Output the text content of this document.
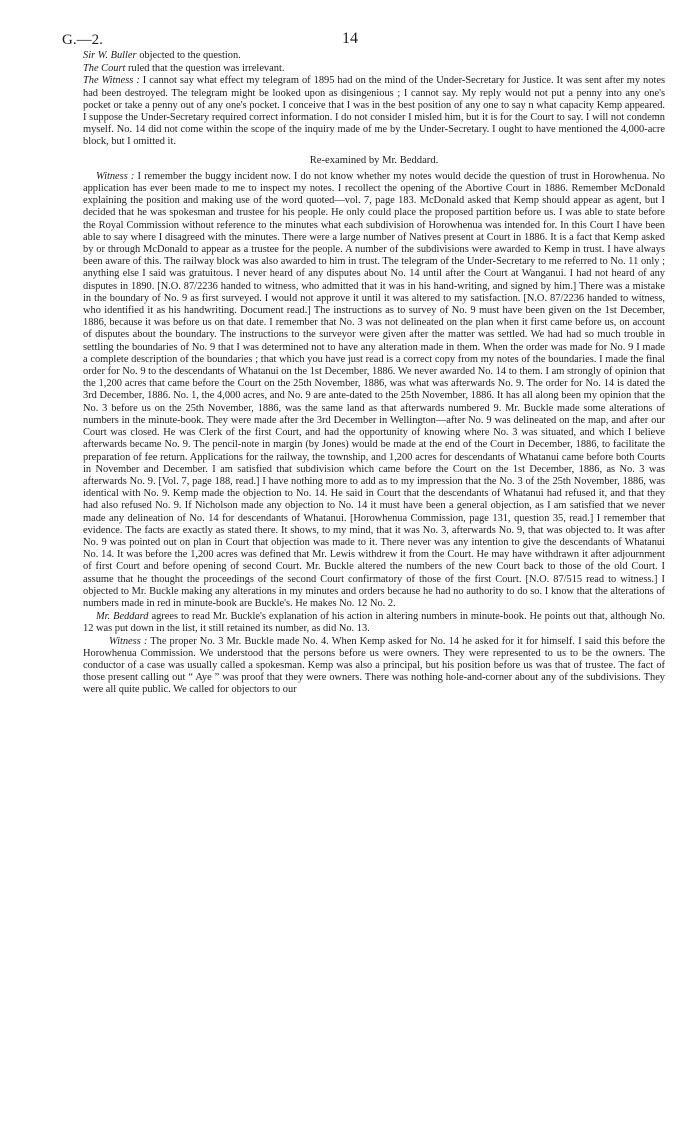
G.—2.	14

Sir W. Buller objected to the question.

The Court ruled that the question was irrelevant.

The Witness : I cannot say what effect my telegram of 1895 had on the mind of the Under-Secretary for Justice. It was sent after my notes had been destroyed. The telegram might be looked upon as disingenious ; I cannot say. My reply would not put a penny into any one's pocket or take a penny out of any one's pocket. I conceive that I was in the best position of any one to say n what capacity Kemp appeared. I suppose the Under-Secretary required correct information. I do not consider I misled him, but it is for the Court to say. I will not condemn myself. No. 14 did not come within the scope of the inquiry made of me by the Under-Secretary. I ought to have mentioned the 4,000-acre block, but I omitted it.

Re-examined by Mr. Beddard.

Witness : I remember the buggy incident now. I do not know whether my notes would decide the question of trust in Horowhenua. No application has ever been made to me to inspect my notes. I recollect the opening of the Abortive Court in 1886. Remember McDonald explaining the position and making use of the word quoted—vol. 7, page 183. McDonald asked that Kemp should appear as agent, but I decided that he was spokesman and trustee for his people. He only could place the proposed partition before us. I was able to state before the Royal Commission without reference to the minutes what each subdivision of Horowhenua was intended for. In this Court I have been able to say where I disagreed with the minutes. There were a large number of Natives present at Court in 1886. It is a fact that Kemp asked by or through McDonald to appear as a trustee for the people. A number of the subdivisions were awarded to Kemp in trust. I have always been aware of this. The railway block was also awarded to him in trust. The telegram of the Under-Secretary to me referred to No. 11 only ; anything else I said was gratuitous. I never heard of any disputes about No. 14 until after the Court at Wanganui. I had not heard of any disputes in 1890. [N.O. 87/2236 handed to witness, who admitted that it was in his hand-writing, and signed by him.] There was a mistake in the boundary of No. 9 as first surveyed. I would not approve it until it was altered to my satisfaction. [N.O. 87/2236 handed to witness, who identified it as his handwriting. Document read.] The instructions as to survey of No. 9 must have been given on the 1st December, 1886, because it was before us on that date. I remember that No. 3 was not delineated on the plan when it first came before us, on account of disputes about the boundary. The instructions to the surveyor were given after the matter was settled. We had had so much trouble in settling the boundaries of No. 9 that I was determined not to have any alteration made in them. When the order was made for No. 9 I made a complete description of the boundaries ; that which you have just read is a correct copy from my notes of the boundaries. I made the final order for No. 9 to the descendants of Whatanui on the 1st December, 1886. We never awarded No. 14 to them. I am strongly of opinion that the 1,200 acres that came before the Court on the 25th November, 1886, was what was afterwards No. 9. The order for No. 14 is dated the 3rd December, 1886. No. 1, the 4,000 acres, and No. 9 are ante-dated to the 25th November, 1886. It has all along been my opinion that the No. 3 before us on the 25th November, 1886, was the same land as that afterwards numbered 9. Mr. Buckle made some alterations of numbers in the minute-book. They were made after the 3rd December in Wellington—after No. 9 was delineated on the map, and after our Court was closed. He was Clerk of the first Court, and had the opportunity of knowing where No. 3 was situated, and which I believe afterwards became No. 9. The pencil-note in margin (by Jones) would be made at the end of the Court in December, 1886, to facilitate the preparation of fee return. Applications for the railway, the township, and 1,200 acres for descendants of Whatanui came before both Courts in November and December. I am satisfied that subdivision which came before the Court on the 1st December, 1886, as No. 3 was afterwards No. 9. [Vol. 7, page 188, read.] I have nothing more to add as to my impression that the No. 3 of the 25th November, 1886, was identical with No. 9. Kemp made the objection to No. 14. He said in Court that the descendants of Whatanui had refused it, and that they had also refused No. 9. If Nicholson made any objection to No. 14 it must have been a general objection, as I am satisfied that we never made any delineation of No. 14 for descendants of Whatanui. [Horowhenua Commission, page 131, question 35, read.] I remember that evidence. The facts are exactly as stated there. It shows, to my mind, that it was No. 3, afterwards No. 9, that was objected to. It was after No. 9 was pointed out on plan in Court that objection was made to it. There never was any intention to give the descendants of Whatanui No. 14. It was before the 1,200 acres was defined that Mr. Lewis withdrew it from the Court. He may have withdrawn it after adjournment of first Court and before opening of second Court. Mr. Buckle altered the numbers of the new Court back to those of the old Court. I assume that he thought the proceedings of the second Court confirmatory of those of the first Court. [N.O. 87/515 read to witness.] I objected to Mr. Buckle making any alterations in my minutes and orders because he had no authority to do so. I know that the alterations of numbers made in red in minute-book are Buckle's. He makes No. 12 No. 2.

Mr. Beddard agrees to read Mr. Buckle's explanation of his action in altering numbers in minute-book. He points out that, although No. 12 was put down in the list, it still retained its number, as did No. 13.

Witness : The proper No. 3 Mr. Buckle made No. 4. When Kemp asked for No. 14 he asked for it for himself. I said this before the Horowhenua Commission. We understood that the persons before us were owners. They were represented to us to be the owners. The conductor of a case was usually called a spokesman. Kemp was also a principal, but his position before us was that of trustee. The fact of those present calling out “ Aye ” was proof that they were owners. There was nothing hole-and-corner about any of the subdivisions. They were all quite public. We called for objectors to our
